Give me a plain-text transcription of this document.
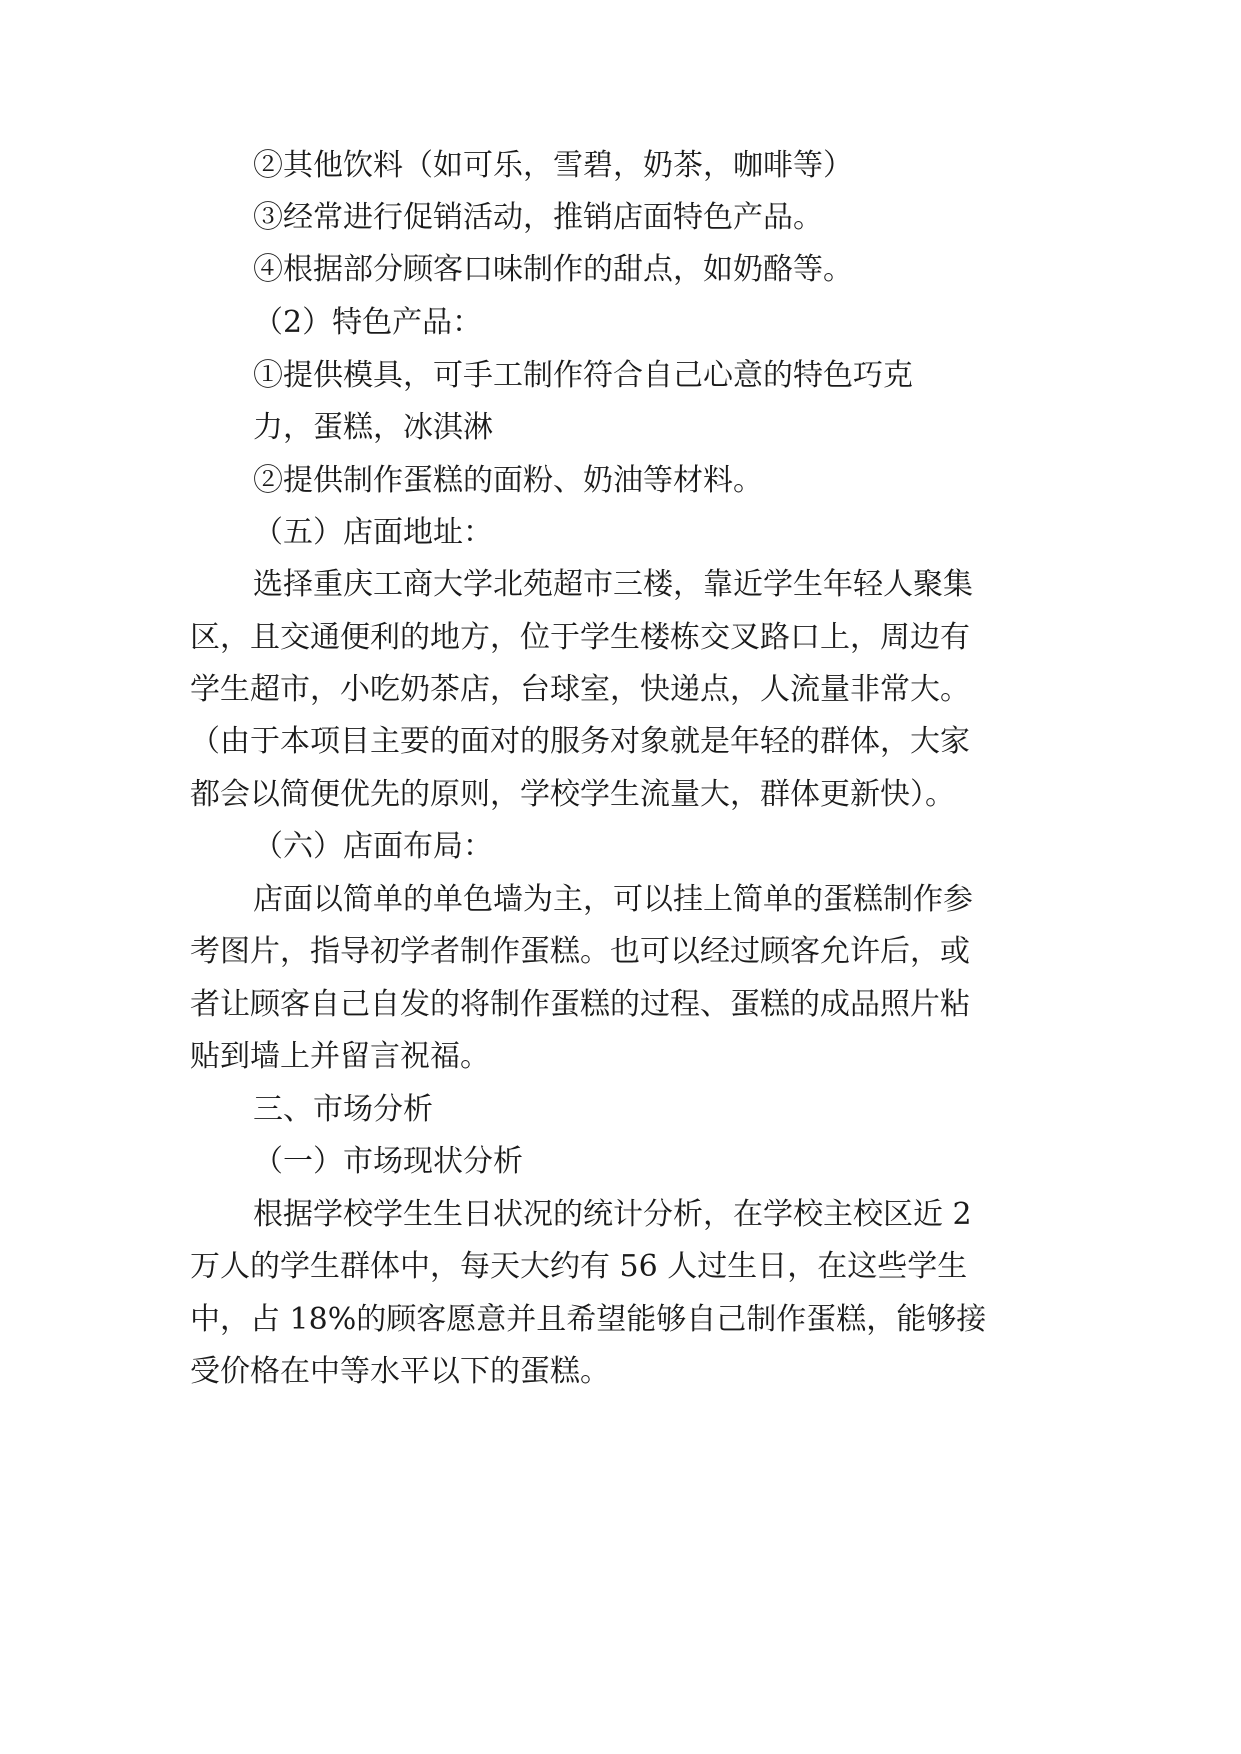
②其他饮料（如可乐，雪碧，奶茶，咖啡等）
③经常进行促销活动，推销店面特色产品。
④根据部分顾客口味制作的甜点，如奶酪等。
（2）特色产品：
①提供模具，可手工制作符合自己心意的特色巧克
力，蛋糕，冰淇淋
②提供制作蛋糕的面粉、奶油等材料。
（五）店面地址：
选择重庆工商大学北苑超市三楼，靠近学生年轻人聚集
区，且交通便利的地方，位于学生楼栋交叉路口上，周边有
学生超市，小吃奶茶店，台球室，快递点，人流量非常大。
（由于本项目主要的面对的服务对象就是年轻的群体，大家
都会以简便优先的原则，学校学生流量大，群体更新快）。
（六）店面布局：
店面以简单的单色墙为主，可以挂上简单的蛋糕制作参
考图片，指导初学者制作蛋糕。也可以经过顾客允许后，或
者让顾客自己自发的将制作蛋糕的过程、蛋糕的成品照片粘
贴到墙上并留言祝福。
三、市场分析
（一）市场现状分析
根据学校学生生日状况的统计分析，在学校主校区近 2
万人的学生群体中，每天大约有 56 人过生日，在这些学生
中，占 18%的顾客愿意并且希望能够自己制作蛋糕，能够接
受价格在中等水平以下的蛋糕。
